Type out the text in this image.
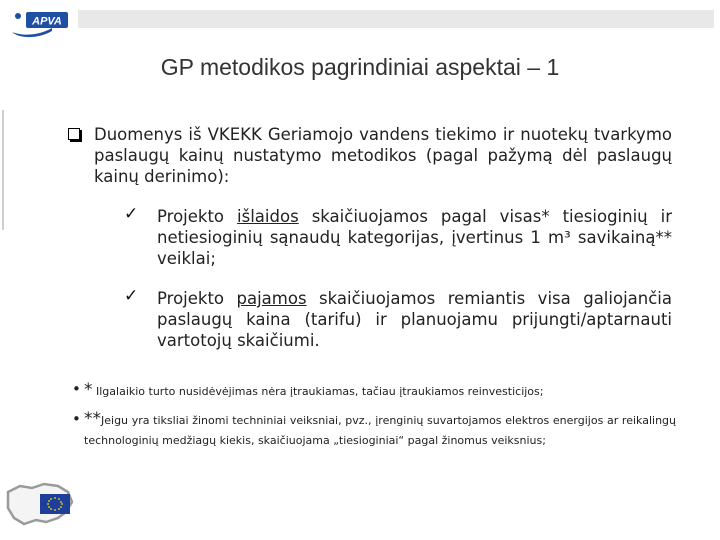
APVA
GP metodikos pagrindiniai aspektai – 1
Duomenys iš VKEKK Geriamojo vandens tiekimo ir nuotekų tvarkymo paslaugų kainų nustatymo metodikos (pagal pažymą dėl paslaugų kainų derinimo):
✓ Projekto išlaidos skaičiuojamos pagal visas* tiesioginių ir netiesioginių sąnaudų kategorijas, įvertinus 1 m³ savikainą** veiklai;
✓ Projekto pajamos skaičiuojamos remiantis visa galiojančia paslaugų kaina (tarifu) ir planuojamu prijungti/aptarnauti vartotojų skaičiumi.
• * Ilgalaikio turto nusidėvėjimas nėra įtraukiamas, tačiau įtraukiamos reinvesticijos;
• **Jeigu yra tiksliai žinomi techniniai veiksniai, pvz., įrenginių suvartojamos elektros energijos ar reikalingų technologinių medžiagų kiekis, skaičiuojama „tiesioginiai“ pagal žinomus veiksnius;
